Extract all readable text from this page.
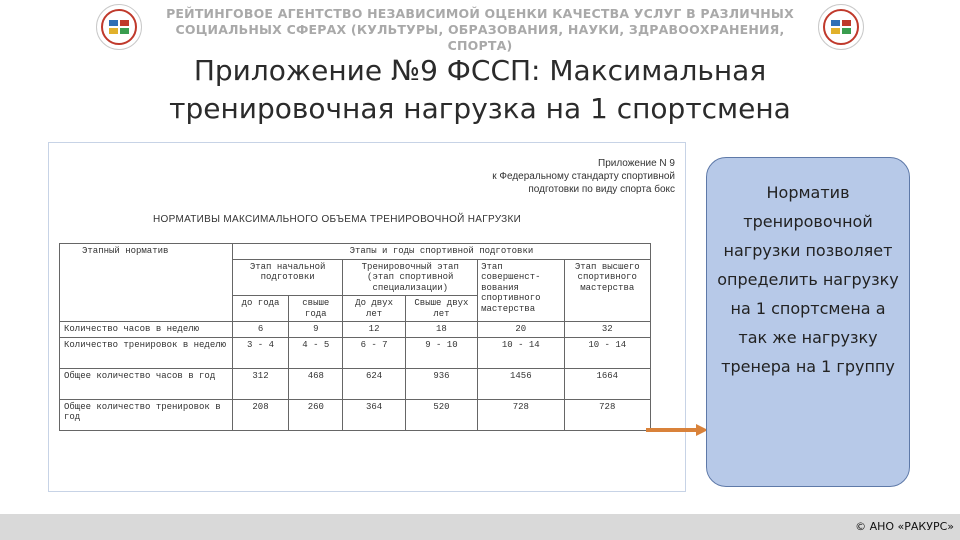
РЕЙТИНГОВОЕ АГЕНТСТВО НЕЗАВИСИМОЙ ОЦЕНКИ КАЧЕСТВА УСЛУГ В РАЗЛИЧНЫХ
СОЦИАЛЬНЫХ СФЕРАХ (КУЛЬТУРЫ, ОБРАЗОВАНИЯ, НАУКИ, ЗДРАВООХРАНЕНИЯ, СПОРТА)
Приложение №9 ФССП: Максимальная
тренировочная нагрузка на 1 спортсмена
Приложение N 9
к Федеральному стандарту спортивной
подготовки по виду спорта бокс
НОРМАТИВЫ МАКСИМАЛЬНОГО ОБЪЕМА ТРЕНИРОВОЧНОЙ НАГРУЗКИ
Этапный норматив	Этапы и годы спортивной подготовки					
	Этап начальной подготовки		Тренировочный этап (этап спортивной специализации)		Этап совершенст-вования спортивного мастерства	Этап высшего спортивного мастерства
	до года	свыше года	До двух лет	Свыше двух лет		
Количество часов в неделю	6	9	12	18	20	32
Количество тренировок в неделю	3 - 4	4 - 5	6 - 7	9 - 10	10 - 14	10 - 14
Общее количество часов в год	312	468	624	936	1456	1664
Общее количество тренировок в год	208	260	364	520	728	728
Норматив тренировочной нагрузки позволяет определить нагрузку на 1 спортсмена а так же нагрузку тренера на 1 группу
© АНО «РАКУРС»
